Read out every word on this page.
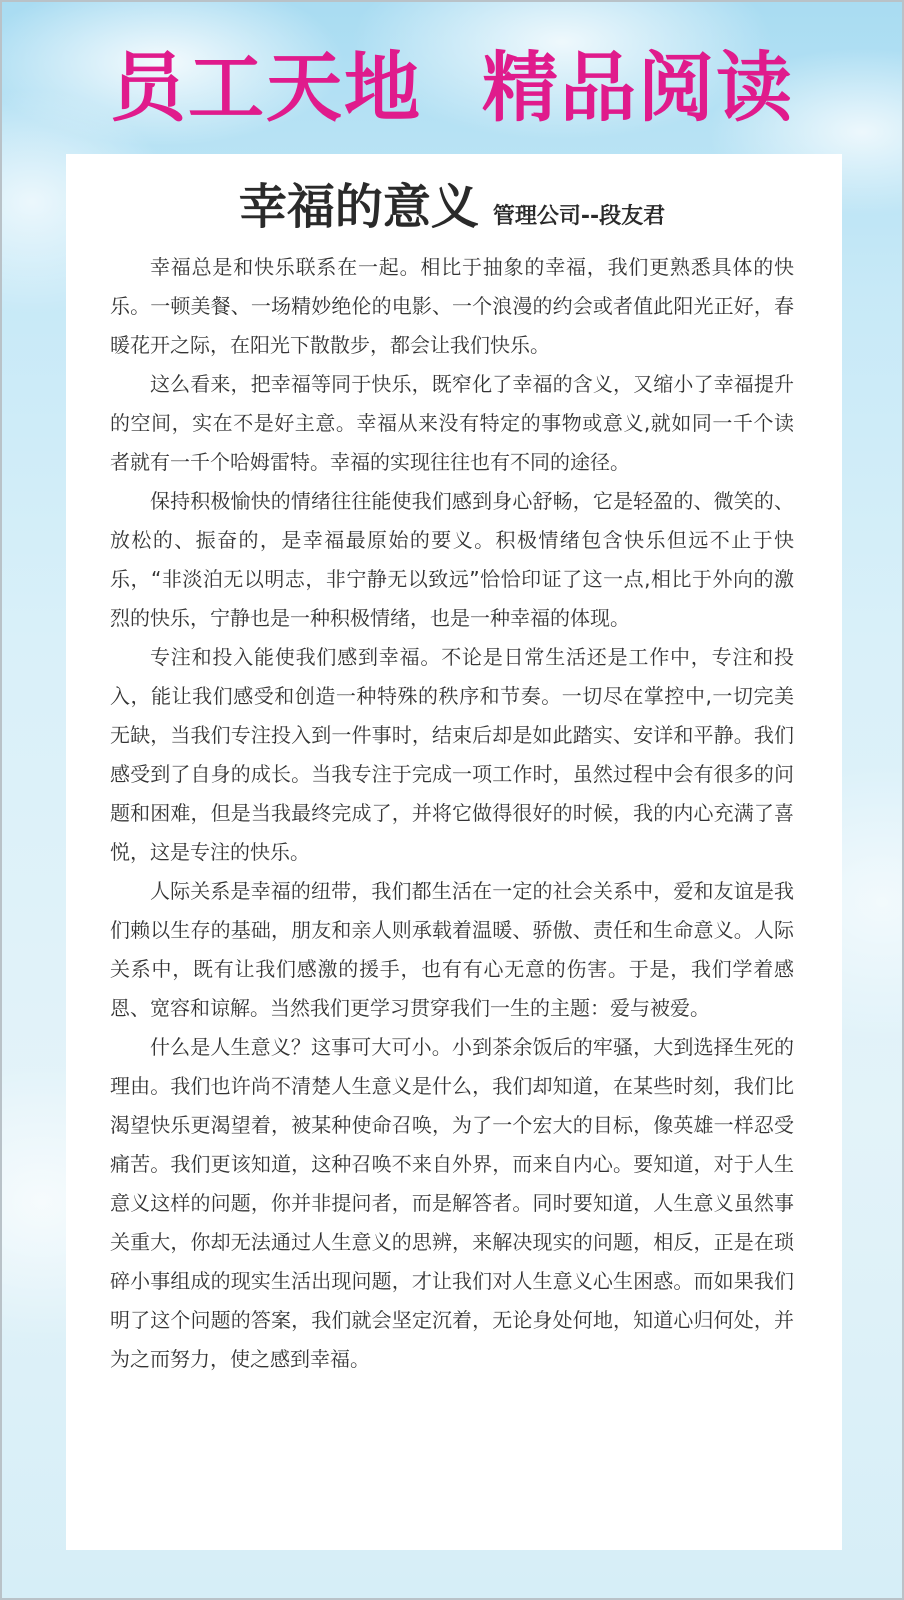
员工天地 精品阅读
幸福的意义 管理公司--段友君

幸福总是和快乐联系在一起。相比于抽象的幸福，我们更熟悉具体的快乐。一顿美餐、一场精妙绝伦的电影、一个浪漫的约会或者值此阳光正好，春暖花开之际，在阳光下散散步，都会让我们快乐。

这么看来，把幸福等同于快乐，既窄化了幸福的含义，又缩小了幸福提升的空间，实在不是好主意。幸福从来没有特定的事物或意义,就如同一千个读者就有一千个哈姆雷特。幸福的实现往往也有不同的途径。

保持积极愉快的情绪往往能使我们感到身心舒畅，它是轻盈的、微笑的、放松的、振奋的，是幸福最原始的要义。积极情绪包含快乐但远不止于快乐，“非淡泊无以明志，非宁静无以致远”恰恰印证了这一点,相比于外向的激烈的快乐，宁静也是一种积极情绪，也是一种幸福的体现。

专注和投入能使我们感到幸福。不论是日常生活还是工作中，专注和投入，能让我们感受和创造一种特殊的秩序和节奏。一切尽在掌控中,一切完美无缺，当我们专注投入到一件事时，结束后却是如此踏实、安详和平静。我们感受到了自身的成长。当我专注于完成一项工作时，虽然过程中会有很多的问题和困难，但是当我最终完成了，并将它做得很好的时候，我的内心充满了喜悦，这是专注的快乐。

人际关系是幸福的纽带，我们都生活在一定的社会关系中，爱和友谊是我们赖以生存的基础，朋友和亲人则承载着温暖、骄傲、责任和生命意义。人际关系中，既有让我们感激的援手，也有有心无意的伤害。于是，我们学着感恩、宽容和谅解。当然我们更学习贯穿我们一生的主题：爱与被爱。

什么是人生意义？这事可大可小。小到茶余饭后的牢骚，大到选择生死的理由。我们也许尚不清楚人生意义是什么，我们却知道，在某些时刻，我们比渴望快乐更渴望着，被某种使命召唤，为了一个宏大的目标，像英雄一样忍受痛苦。我们更该知道，这种召唤不来自外界，而来自内心。要知道，对于人生意义这样的问题，你并非提问者，而是解答者。同时要知道，人生意义虽然事关重大，你却无法通过人生意义的思辨，来解决现实的问题，相反，正是在琐碎小事组成的现实生活出现问题，才让我们对人生意义心生困惑。而如果我们明了这个问题的答案，我们就会坚定沉着，无论身处何地，知道心归何处，并为之而努力，使之感到幸福。
